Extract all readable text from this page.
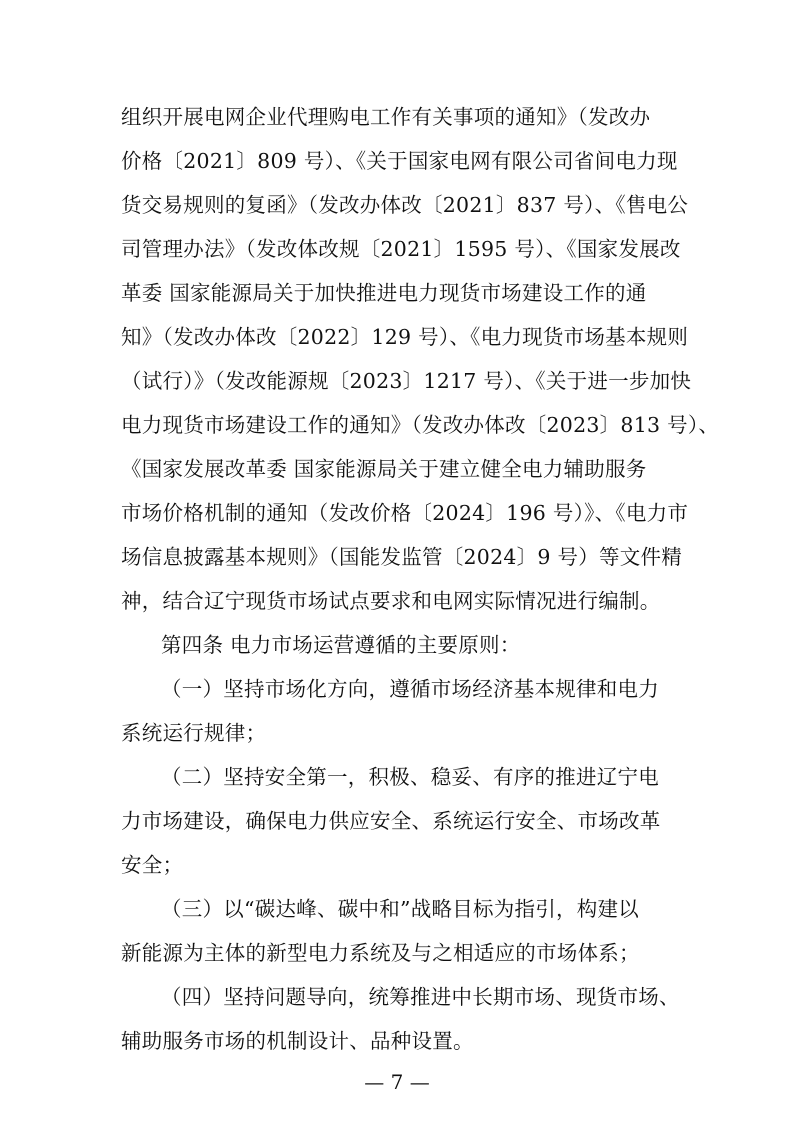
组织开展电网企业代理购电工作有关事项的通知》（发改办
价格〔2021〕809 号）、《关于国家电网有限公司省间电力现
货交易规则的复函》（发改办体改〔2021〕837 号）、《售电公
司管理办法》（发改体改规〔2021〕1595 号）、《国家发展改
革委 国家能源局关于加快推进电力现货市场建设工作的通
知》（发改办体改〔2022〕129 号）、《电力现货市场基本规则
（试行）》（发改能源规〔2023〕1217 号）、《关于进一步加快
电力现货市场建设工作的通知》（发改办体改〔2023〕813 号）、
《国家发展改革委 国家能源局关于建立健全电力辅助服务
市场价格机制的通知（发改价格〔2024〕196 号）》、《电力市
场信息披露基本规则》（国能发监管〔2024〕9 号）等文件精
神，结合辽宁现货市场试点要求和电网实际情况进行编制。
第四条 电力市场运营遵循的主要原则：
（一）坚持市场化方向，遵循市场经济基本规律和电力
系统运行规律；
（二）坚持安全第一，积极、稳妥、有序的推进辽宁电
力市场建设，确保电力供应安全、系统运行安全、市场改革
安全；
（三）以“碳达峰、碳中和”战略目标为指引，构建以
新能源为主体的新型电力系统及与之相适应的市场体系；
（四）坚持问题导向，统筹推进中长期市场、现货市场、
辅助服务市场的机制设计、品种设置。
— 7 —
